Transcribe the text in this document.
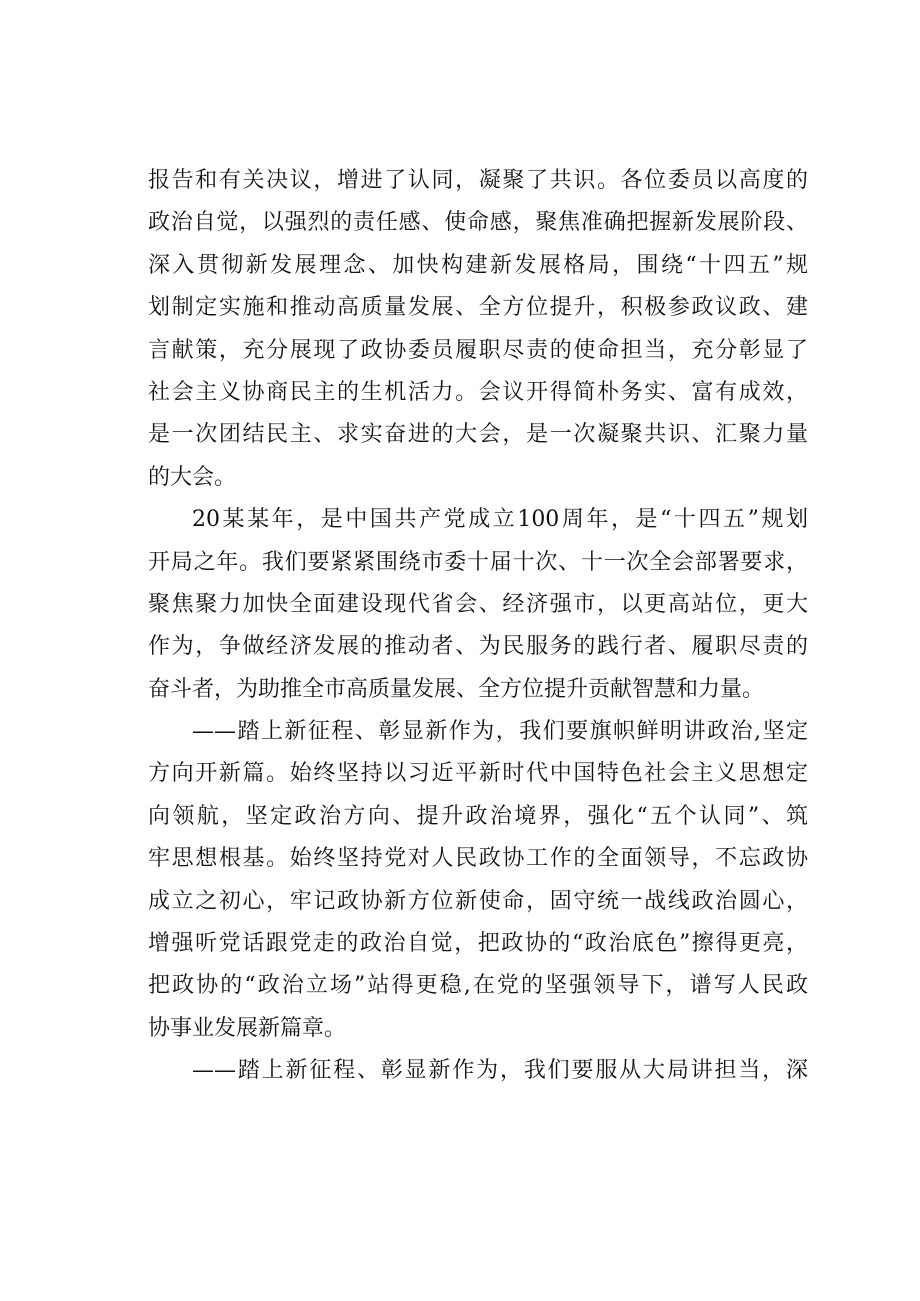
报告和有关决议，增进了认同，凝聚了共识。各位委员以高度的
政治自觉，以强烈的责任感、使命感，聚焦准确把握新发展阶段、
深入贯彻新发展理念、加快构建新发展格局，围绕“十四五”规
划制定实施和推动高质量发展、全方位提升，积极参政议政、建
言献策，充分展现了政协委员履职尽责的使命担当，充分彰显了
社会主义协商民主的生机活力。会议开得简朴务实、富有成效，
是一次团结民主、求实奋进的大会，是一次凝聚共识、汇聚力量
的大会。
20某某年，是中国共产党成立100周年，是“十四五”规划
开局之年。我们要紧紧围绕市委十届十次、十一次全会部署要求，
聚焦聚力加快全面建设现代省会、经济强市，以更高站位，更大
作为，争做经济发展的推动者、为民服务的践行者、履职尽责的
奋斗者，为助推全市高质量发展、全方位提升贡献智慧和力量。
——踏上新征程、彰显新作为，我们要旗帜鲜明讲政治,坚定
方向开新篇。始终坚持以习近平新时代中国特色社会主义思想定
向领航，坚定政治方向、提升政治境界，强化“五个认同”、筑
牢思想根基。始终坚持党对人民政协工作的全面领导，不忘政协
成立之初心，牢记政协新方位新使命，固守统一战线政治圆心，
增强听党话跟党走的政治自觉，把政协的“政治底色”擦得更亮，
把政协的“政治立场”站得更稳,在党的坚强领导下，谱写人民政
协事业发展新篇章。
——踏上新征程、彰显新作为，我们要服从大局讲担当，深
